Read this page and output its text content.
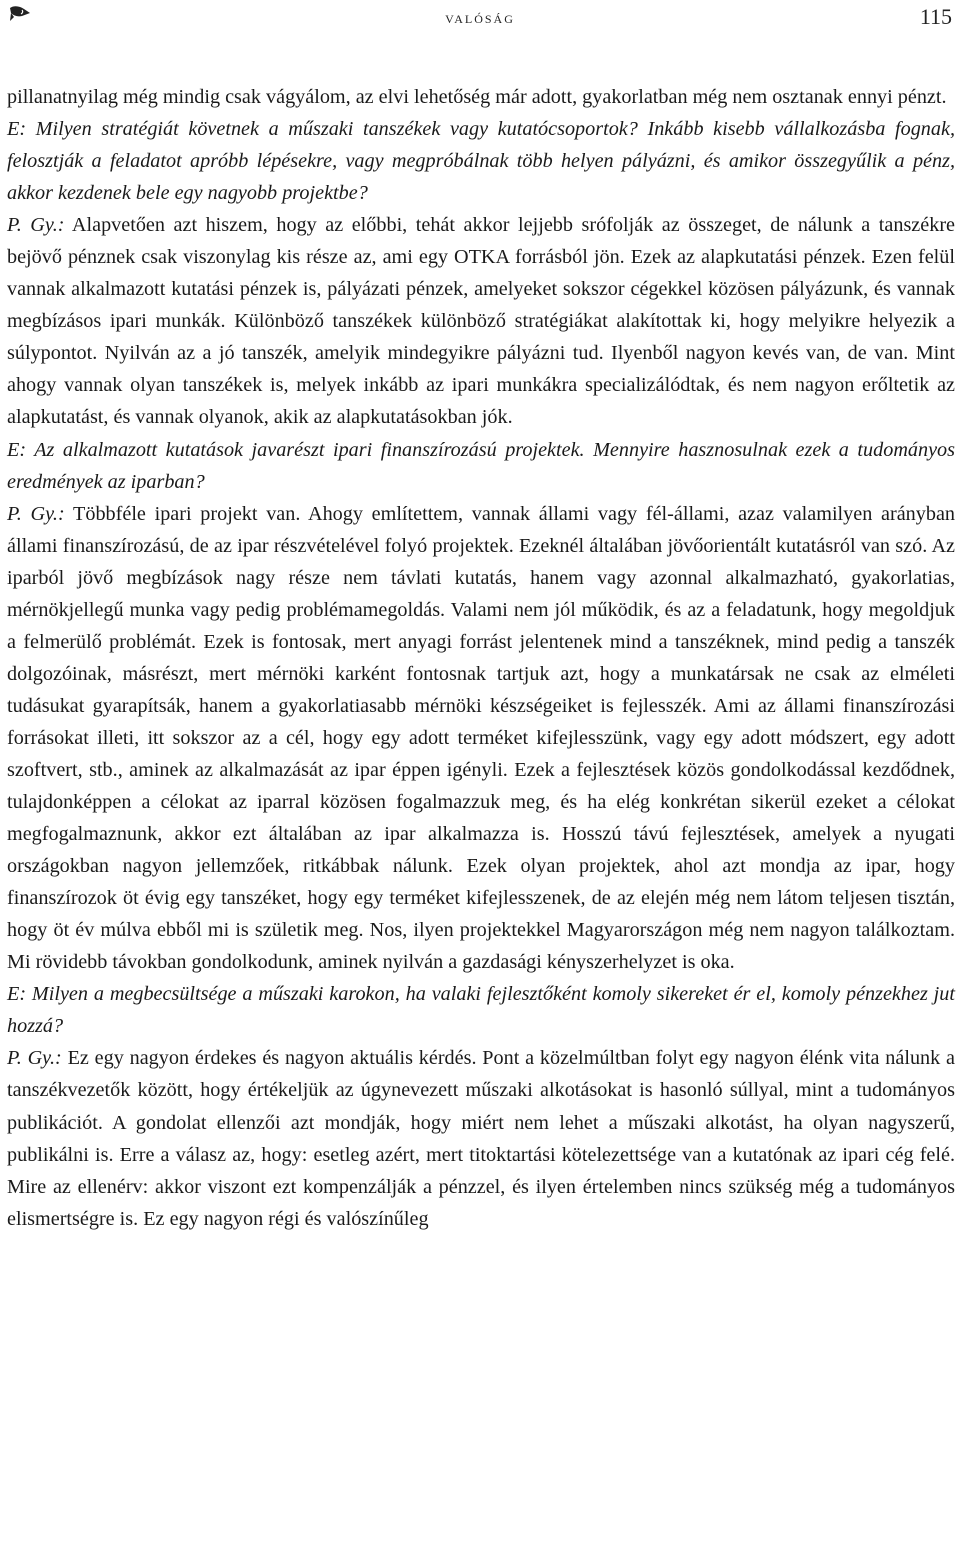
valóság	115

pillanatnyilag még mindig csak vágyálom, az elvi lehetőség már adott, gyakorlatban még nem osztanak ennyi pénzt.

E: Milyen stratégiát követnek a műszaki tanszékek vagy kutatócsoportok? Inkább kisebb vállalkozásba fognak, felosztják a feladatot apróbb lépésekre, vagy megpróbálnak több helyen pályázni, és amikor összegyűlik a pénz, akkor kezdenek bele egy nagyobb projektbe?

P. Gy.: Alapvetően azt hiszem, hogy az előbbi, tehát akkor lejjebb srófolják az összeget, de nálunk a tanszékre bejövő pénznek csak viszonylag kis része az, ami egy OTKA forrásból jön. Ezek az alapkutatási pénzek. Ezen felül vannak alkalmazott kutatási pénzek is, pályázati pénzek, amelyeket sokszor cégekkel közösen pályázunk, és vannak megbízásos ipari munkák. Különböző tanszékek különböző stratégiákat alakítottak ki, hogy melyikre helyezik a súlypontot. Nyilván az a jó tanszék, amelyik mindegyikre pályázni tud. Ilyenből nagyon kevés van, de van. Mint ahogy vannak olyan tanszékek is, melyek inkább az ipari munkákra specializálódtak, és nem nagyon erőltetik az alapkutatást, és vannak olyanok, akik az alapkutatásokban jók.

E: Az alkalmazott kutatások javarészt ipari finanszírozású projektek. Mennyire hasznosulnak ezek a tudományos eredmények az iparban?

P. Gy.: Többféle ipari projekt van. Ahogy említettem, vannak állami vagy fél-állami, azaz valamilyen arányban állami finanszírozású, de az ipar részvételével folyó projektek. Ezeknél általában jövőorientált kutatásról van szó. Az iparból jövő megbízások nagy része nem távlati kutatás, hanem vagy azonnal alkalmazható, gyakorlatias, mérnökjellegű munka vagy pedig problémamegoldás. Valami nem jól működik, és az a feladatunk, hogy megoldjuk a felmerülő problémát. Ezek is fontosak, mert anyagi forrást jelentenek mind a tanszéknek, mind pedig a tanszék dolgozóinak, másrészt, mert mérnöki karként fontosnak tartjuk azt, hogy a munkatársak ne csak az elméleti tudásukat gyarapítsák, hanem a gyakorlatiasabb mérnöki készségeiket is fejlesszék. Ami az állami finanszírozási forrásokat illeti, itt sokszor az a cél, hogy egy adott terméket kifejlesszünk, vagy egy adott módszert, egy adott szoftvert, stb., aminek az alkalmazását az ipar éppen igényli. Ezek a fejlesztések közös gondolkodással kezdődnek, tulajdonképpen a célokat az iparral közösen fogalmazzuk meg, és ha elég konkrétan sikerül ezeket a célokat megfogalmaznunk, akkor ezt általában az ipar alkalmazza is. Hosszú távú fejlesztések, amelyek a nyugati országokban nagyon jellemzőek, ritkábbak nálunk. Ezek olyan projektek, ahol azt mondja az ipar, hogy finanszírozok öt évig egy tanszéket, hogy egy terméket kifejlesszenek, de az elején még nem látom teljesen tisztán, hogy öt év múlva ebből mi is születik meg. Nos, ilyen projektekkel Magyarországon még nem nagyon találkoztam. Mi rövidebb távokban gondolkodunk, aminek nyilván a gazdasági kényszerhelyzet is oka.

E: Milyen a megbecsültsége a műszaki karokon, ha valaki fejlesztőként komoly sikereket ér el, komoly pénzekhez jut hozzá?

P. Gy.: Ez egy nagyon érdekes és nagyon aktuális kérdés. Pont a közelmúltban folyt egy nagyon élénk vita nálunk a tanszékvezetők között, hogy értékeljük az úgynevezett műszaki alkotásokat is hasonló súllyal, mint a tudományos publikációt. A gondolat ellenzői azt mondják, hogy miért nem lehet a műszaki alkotást, ha olyan nagyszerű, publikálni is. Erre a válasz az, hogy: esetleg azért, mert titoktartási kötelezettsége van a kutatónak az ipari cég felé. Mire az ellenérv: akkor viszont ezt kompenzálják a pénzzel, és ilyen értelemben nincs szükség még a tudományos elismertségre is. Ez egy nagyon régi és valószínűleg
